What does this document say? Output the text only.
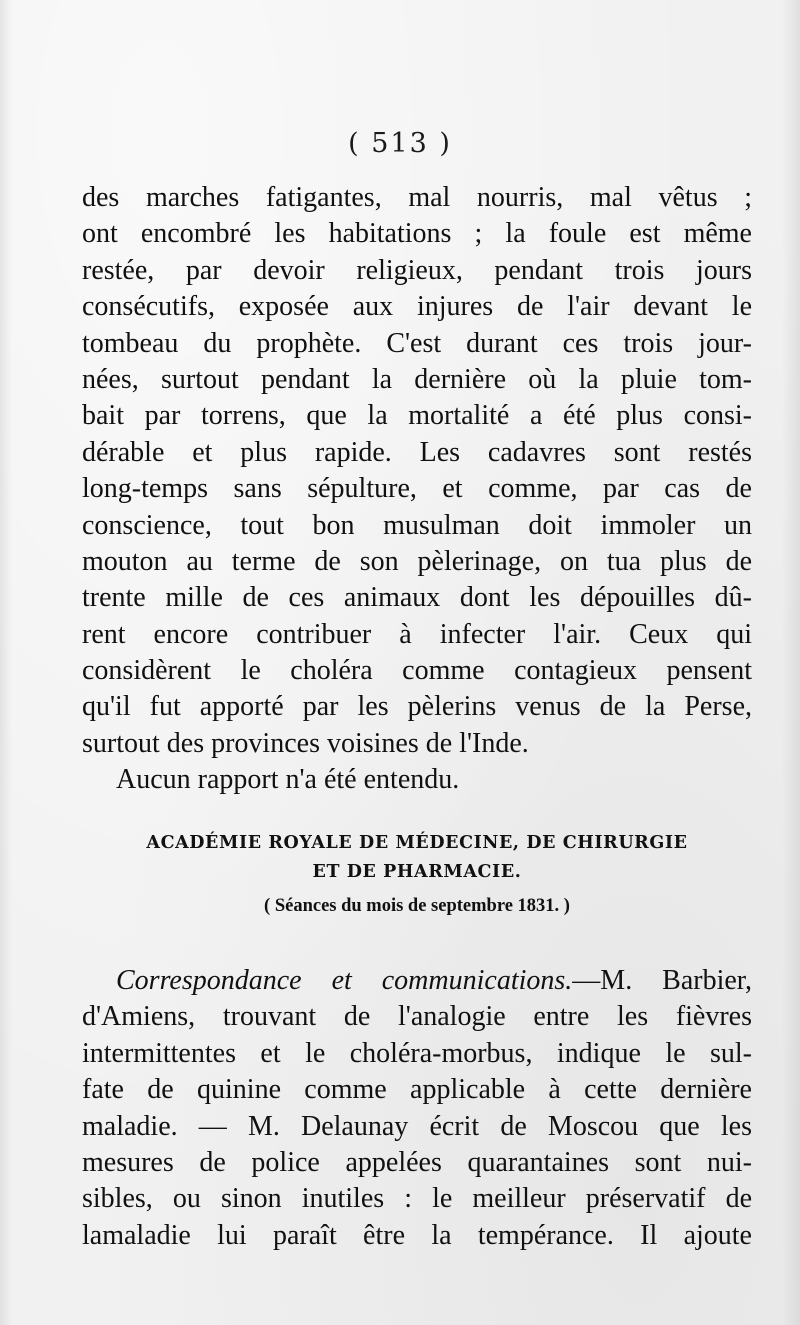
( 513 )
des marches fatigantes, mal nourris, mal vêtus ;
ont encombré les habitations ; la foule est même
restée, par devoir religieux, pendant trois jours
consécutifs, exposée aux injures de l'air devant le
tombeau du prophète. C'est durant ces trois jour-
nées, surtout pendant la dernière où la pluie tom-
bait par torrens, que la mortalité a été plus consi-
dérable et plus rapide. Les cadavres sont restés
long-temps sans sépulture, et comme, par cas de
conscience, tout bon musulman doit immoler un
mouton au terme de son pèlerinage, on tua plus de
trente mille de ces animaux dont les dépouilles dû-
rent encore contribuer à infecter l'air. Ceux qui
considèrent le choléra comme contagieux pensent
qu'il fut apporté par les pèlerins venus de la Perse,
surtout des provinces voisines de l'Inde.
Aucun rapport n'a été entendu.
ACADÉMIE ROYALE DE MÉDECINE, DE CHIRURGIE
ET DE PHARMACIE.
( Séances du mois de septembre 1831. )
Correspondance et communications.—M. Barbier,
d'Amiens, trouvant de l'analogie entre les fièvres
intermittentes et le choléra-morbus, indique le sul-
fate de quinine comme applicable à cette dernière
maladie. — M. Delaunay écrit de Moscou que les
mesures de police appelées quarantaines sont nui-
sibles, ou sinon inutiles : le meilleur préservatif de
lamaladie lui paraît être la tempérance. Il ajoute
